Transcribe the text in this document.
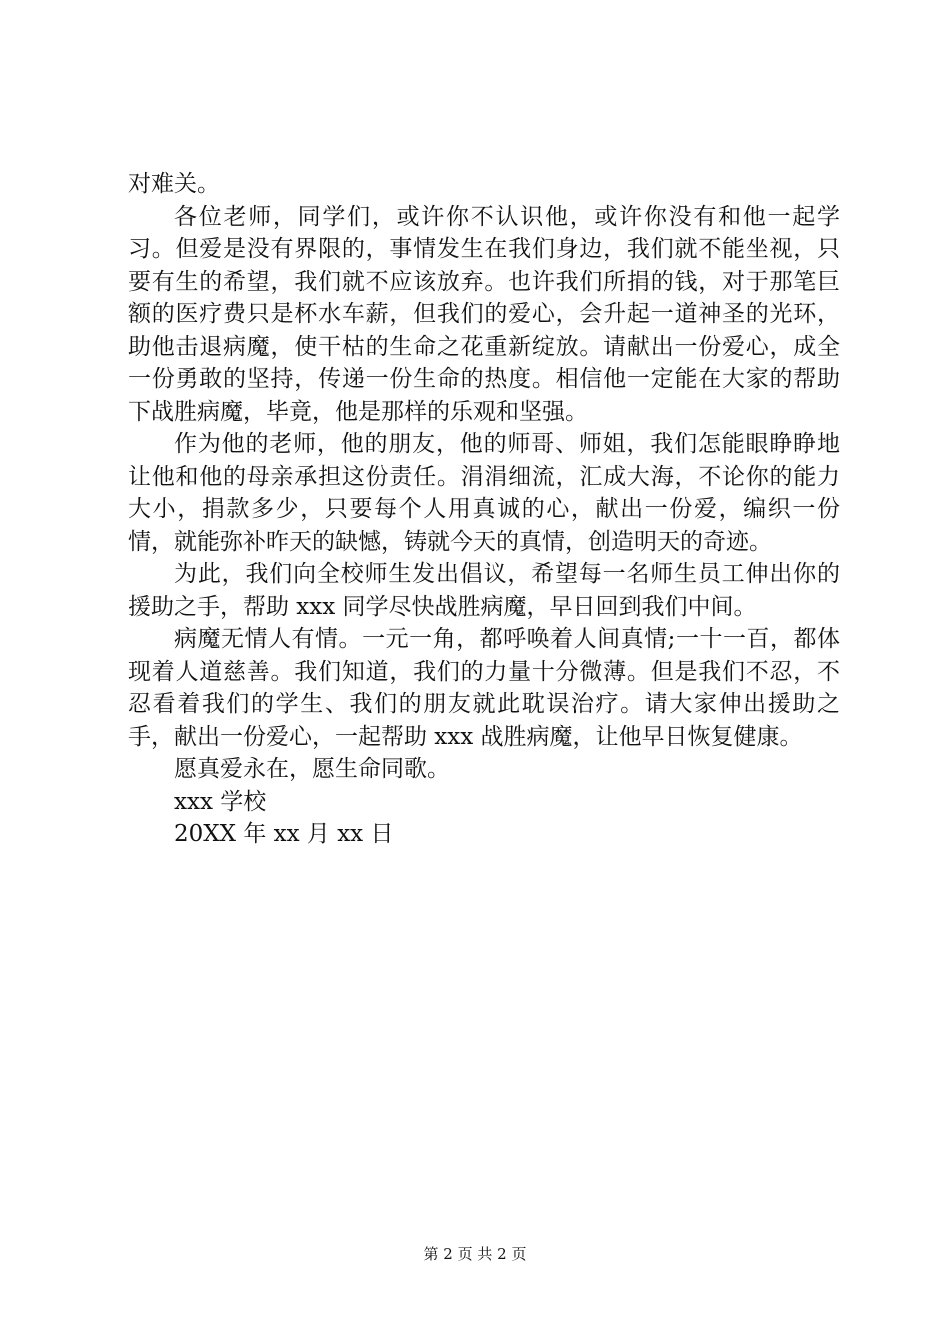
对难关。

各位老师，同学们，或许你不认识他，或许你没有和他一起学习。但爱是没有界限的，事情发生在我们身边，我们就不能坐视，只要有生的希望，我们就不应该放弃。也许我们所捐的钱，对于那笔巨额的医疗费只是杯水车薪，但我们的爱心，会升起一道神圣的光环，助他击退病魔，使干枯的生命之花重新绽放。请献出一份爱心，成全一份勇敢的坚持，传递一份生命的热度。相信他一定能在大家的帮助下战胜病魔，毕竟，他是那样的乐观和坚强。

作为他的老师，他的朋友，他的师哥、师姐，我们怎能眼睁睁地让他和他的母亲承担这份责任。涓涓细流，汇成大海，不论你的能力大小，捐款多少，只要每个人用真诚的心，献出一份爱，编织一份情，就能弥补昨天的缺憾，铸就今天的真情，创造明天的奇迹。

为此，我们向全校师生发出倡议，希望每一名师生员工伸出你的援助之手，帮助 xxx 同学尽快战胜病魔，早日回到我们中间。

病魔无情人有情。一元一角，都呼唤着人间真情;一十一百，都体现着人道慈善。我们知道，我们的力量十分微薄。但是我们不忍，不忍看着我们的学生、我们的朋友就此耽误治疗。请大家伸出援助之手，献出一份爱心，一起帮助 xxx 战胜病魔，让他早日恢复健康。

愿真爱永在，愿生命同歌。

xxx 学校

20XX 年 xx 月 xx 日

第 2 页 共 2 页
